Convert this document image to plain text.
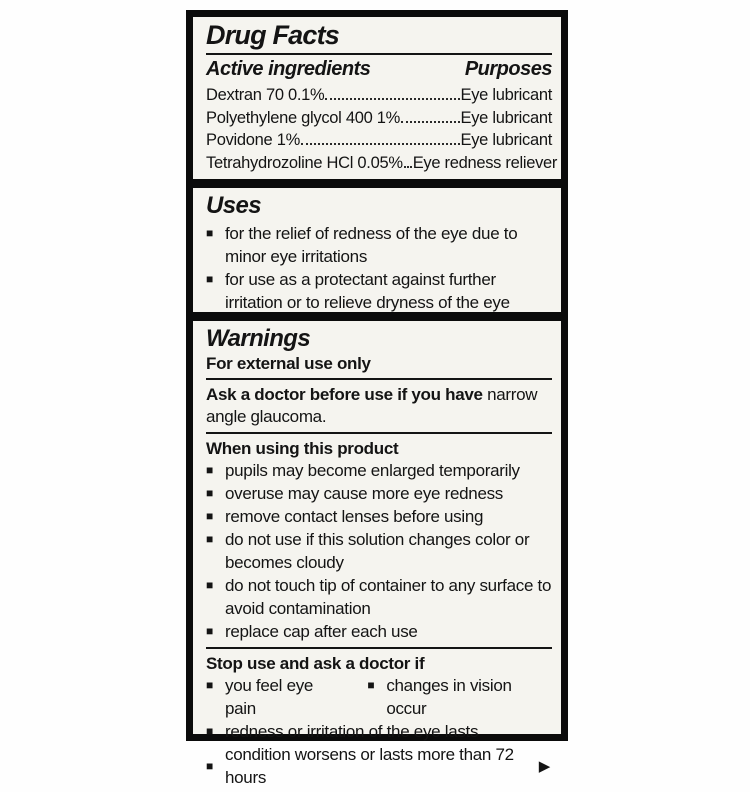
Drug Facts
Active ingredients	Purposes
Dextran 70 0.1%	Eye lubricant
Polyethylene glycol 400 1%	Eye lubricant
Povidone 1%	Eye lubricant
Tetrahydrozoline HCl 0.05% Eye redness reliever
Uses
■ for the relief of redness of the eye due to minor eye irritations
■ for use as a protectant against further irritation or to relieve dryness of the eye
Warnings

For external use only

Ask a doctor before use if you have narrow angle glaucoma.

When using this product

■ pupils may become enlarged temporarily
■ overuse may cause more eye redness
■ remove contact lenses before using
■ do not use if this solution changes color or becomes cloudy
■ do not touch tip of container to any surface to avoid contamination
■ replace cap after each use

Stop use and ask a doctor if

■ you feel eye pain
■ changes in vision occur
■ redness or irritation of the eye lasts
■
condition worsens or lasts more than 72 hours
▶
